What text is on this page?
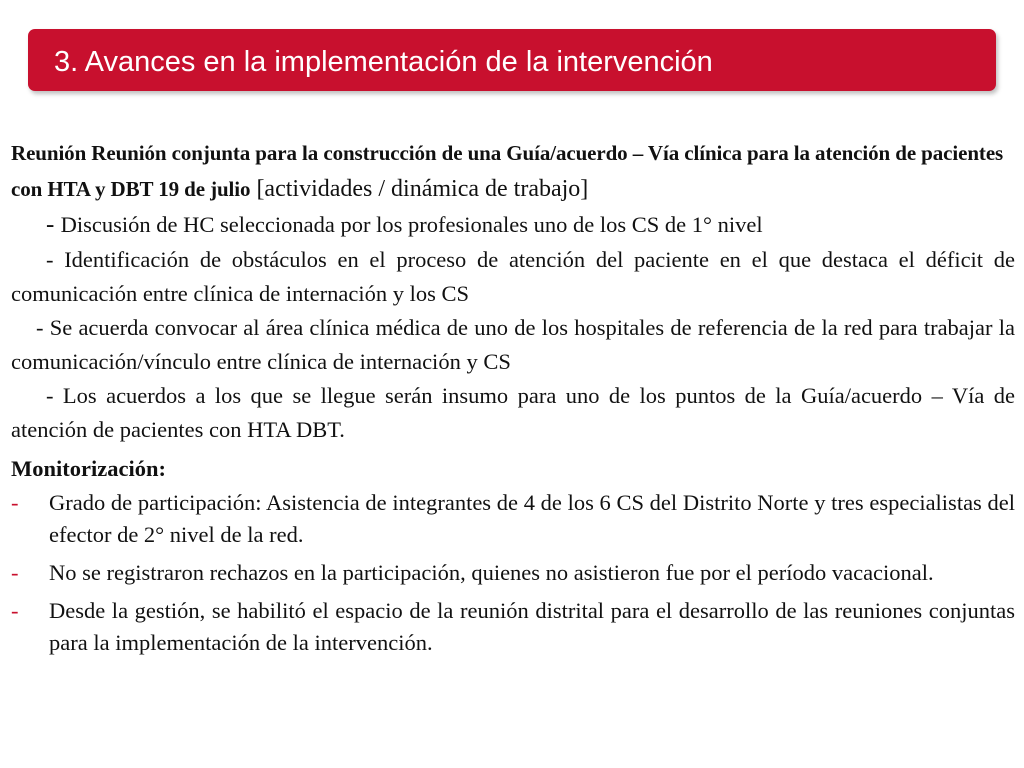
3. Avances en la implementación de la intervención

Reunión Reunión conjunta para la construcción de una Guía/acuerdo – Vía clínica para la atención de pacientes con HTA y DBT 19 de julio [actividades / dinámica de trabajo]

- Discusión de HC seleccionada por los profesionales uno de los CS de 1° nivel

- Identificación de obstáculos en el proceso de atención del paciente en el que destaca el déficit de comunicación entre clínica de internación y los CS

- Se acuerda convocar al área clínica médica de uno de los hospitales de referencia de la red para trabajar la comunicación/vínculo entre clínica de internación y CS

- Los acuerdos a los que se llegue serán insumo para uno de los puntos de la Guía/acuerdo – Vía de atención de pacientes con HTA DBT.

Monitorización:

- Grado de participación: Asistencia de integrantes de 4 de los 6 CS del Distrito Norte y tres especialistas del efector de 2° nivel de la red.
- No se registraron rechazos en la participación, quienes no asistieron fue por el período vacacional.
- Desde la gestión, se habilitó el espacio de la reunión distrital para el desarrollo de las reuniones conjuntas para la implementación de la intervención.
